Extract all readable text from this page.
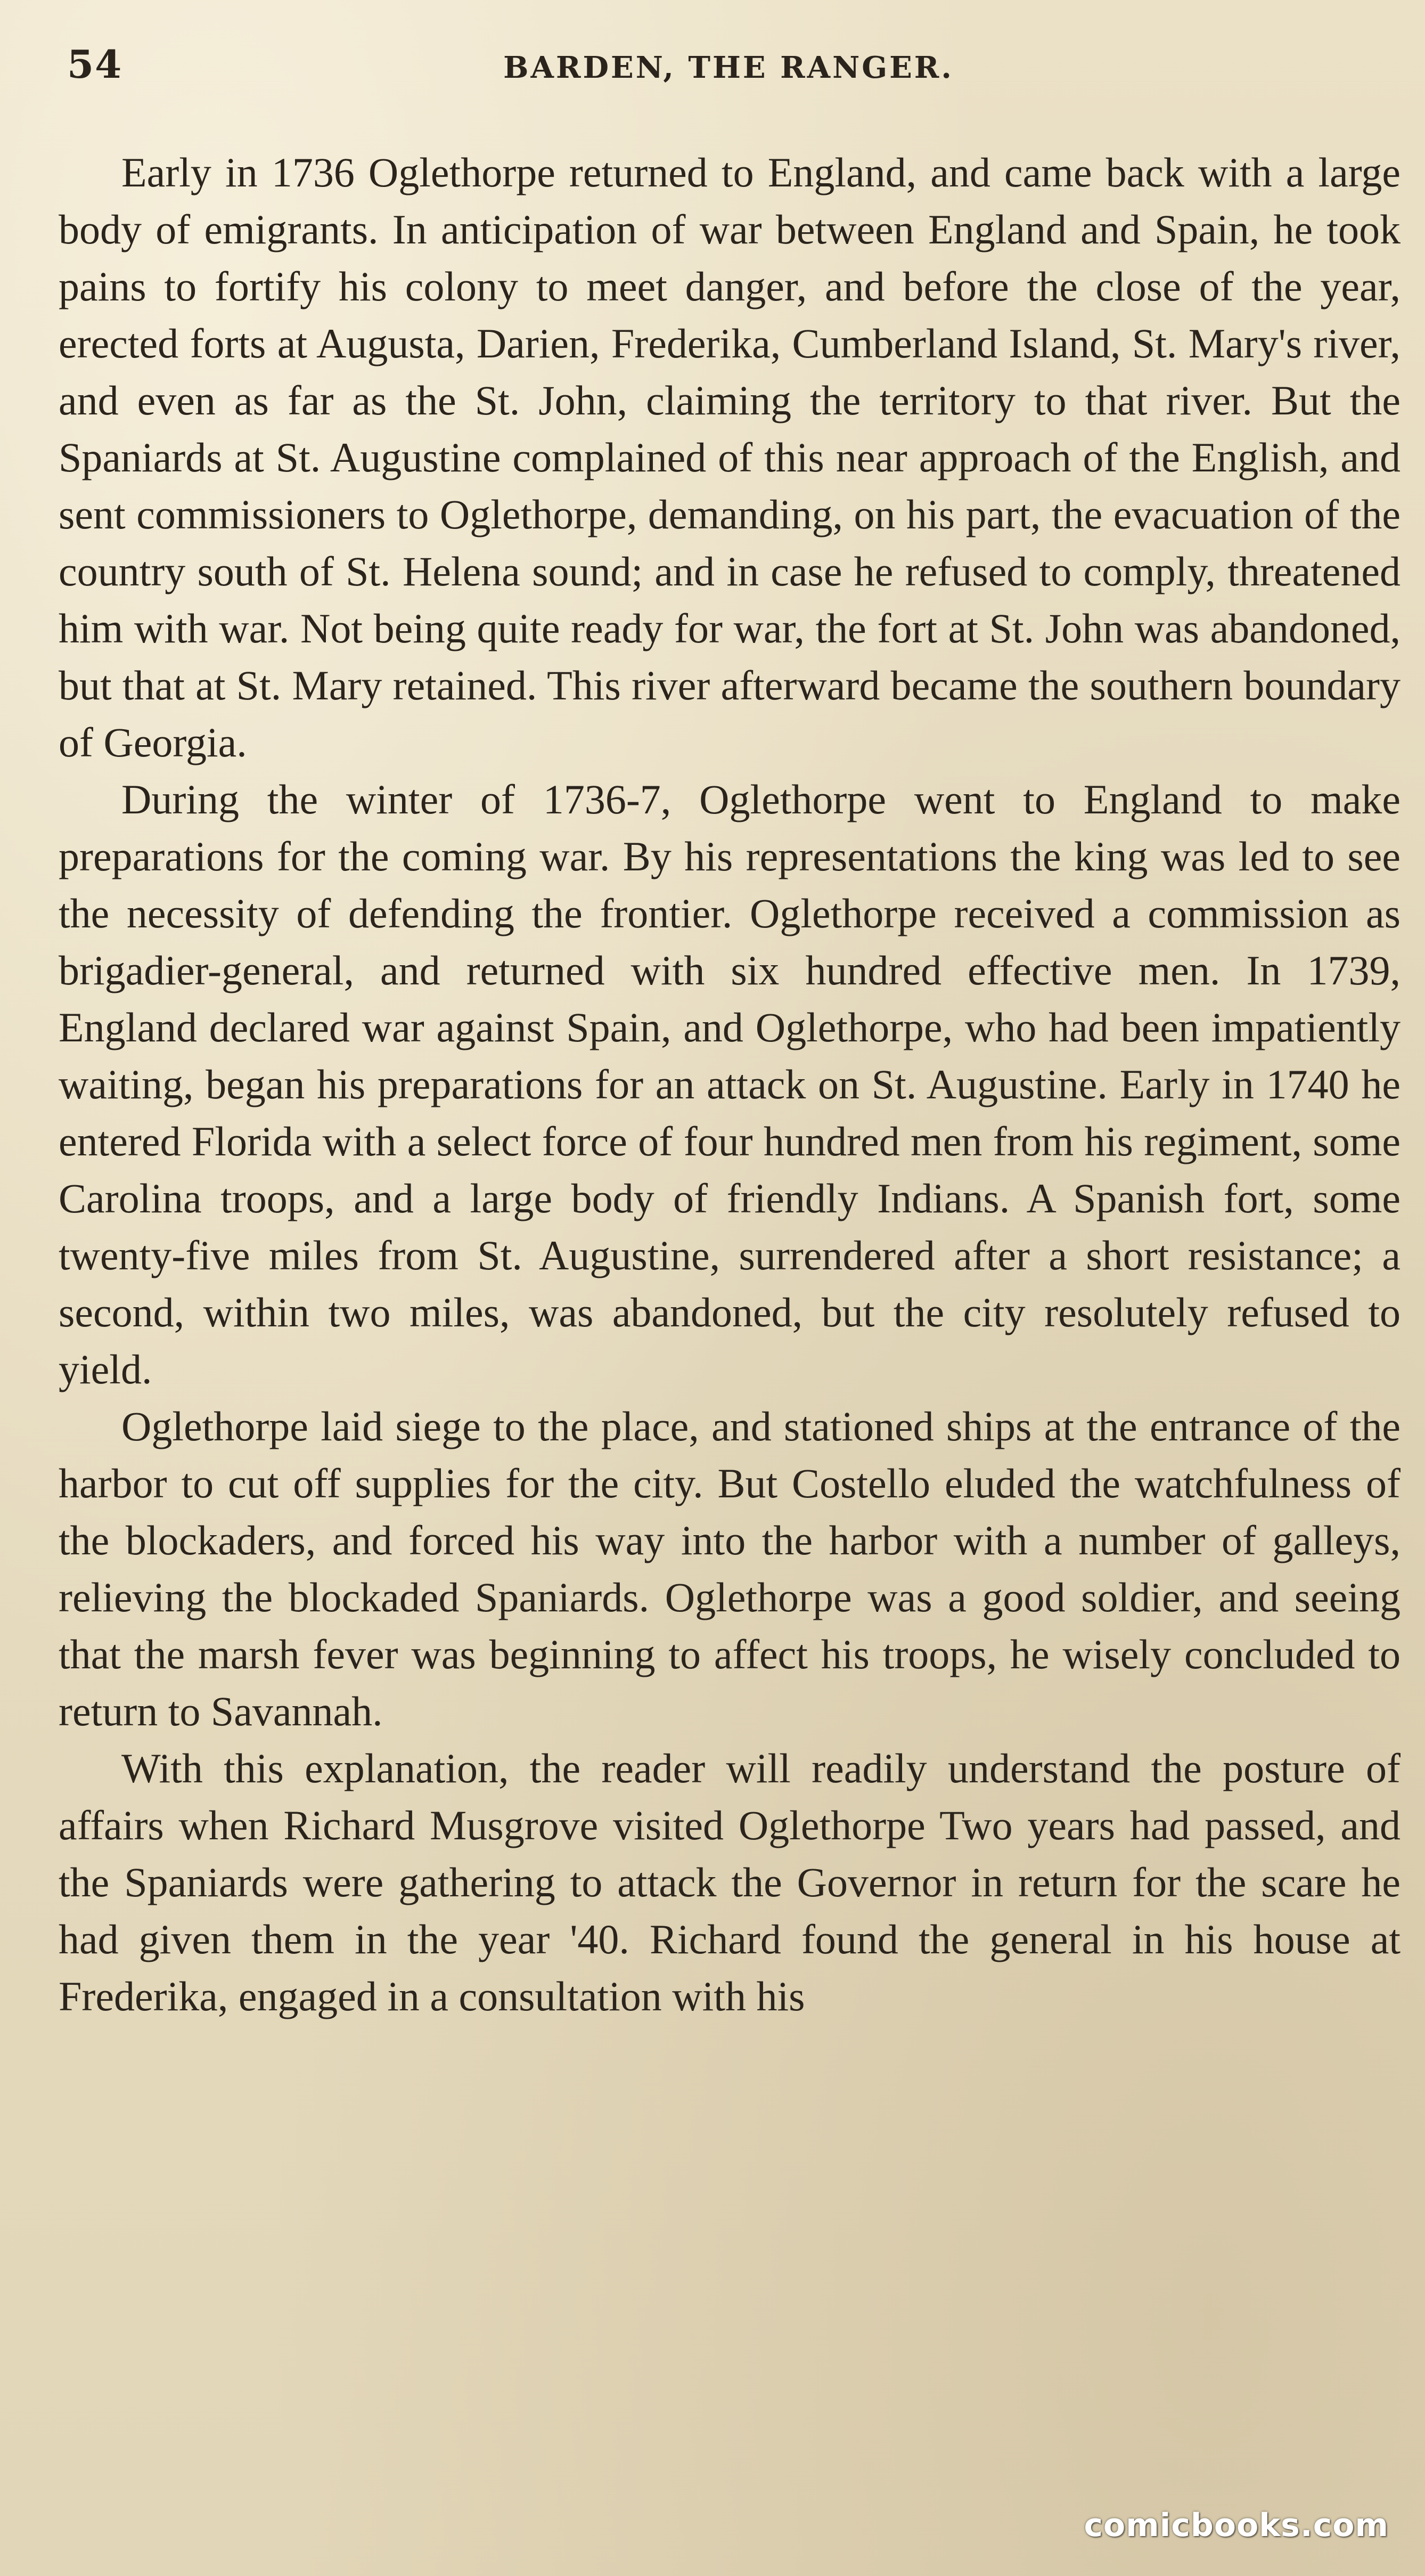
54	BARDEN, THE RANGER.

Early in 1736 Oglethorpe returned to England, and came back with a large body of emigrants. In anticipation of war between England and Spain, he took pains to fortify his colony to meet danger, and before the close of the year, erected forts at Augusta, Darien, Frederika, Cumberland Island, St. Mary's river, and even as far as the St. John, claiming the territory to that river. But the Spaniards at St. Augustine complained of this near approach of the English, and sent commissioners to Oglethorpe, demanding, on his part, the evacuation of the country south of St. Helena sound; and in case he refused to comply, threatened him with war. Not being quite ready for war, the fort at St. John was abandoned, but that at St. Mary retained. This river afterward became the southern boundary of Georgia.

During the winter of 1736-7, Oglethorpe went to England to make preparations for the coming war. By his representations the king was led to see the necessity of defending the frontier. Oglethorpe received a commission as brigadier-general, and returned with six hundred effective men. In 1739, England declared war against Spain, and Oglethorpe, who had been impatiently waiting, began his preparations for an attack on St. Augustine. Early in 1740 he entered Florida with a select force of four hundred men from his regiment, some Carolina troops, and a large body of friendly Indians. A Spanish fort, some twenty-five miles from St. Augustine, surrendered after a short resistance; a second, within two miles, was abandoned, but the city resolutely refused to yield.

Oglethorpe laid siege to the place, and stationed ships at the entrance of the harbor to cut off supplies for the city. But Costello eluded the watchfulness of the blockaders, and forced his way into the harbor with a number of galleys, relieving the blockaded Spaniards. Oglethorpe was a good soldier, and seeing that the marsh fever was beginning to affect his troops, he wisely concluded to return to Savannah.

With this explanation, the reader will readily understand the posture of affairs when Richard Musgrove visited Oglethorpe Two years had passed, and the Spaniards were gathering to attack the Governor in return for the scare he had given them in the year '40. Richard found the general in his house at Frederika, engaged in a consultation with his

comicbooks.com
